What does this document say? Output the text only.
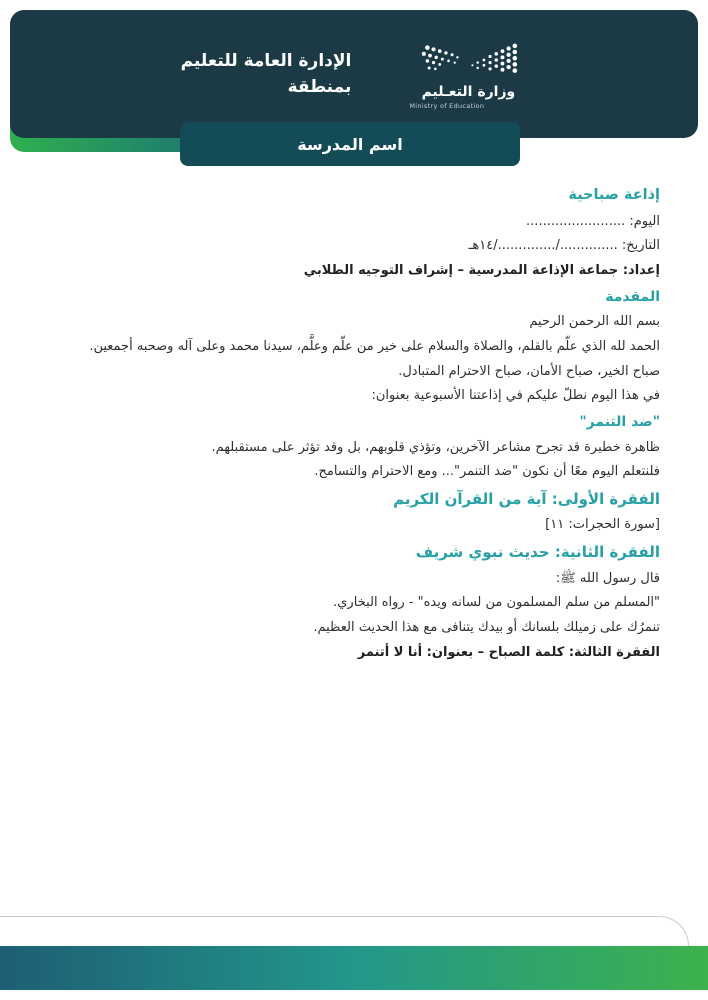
الإدارة العامة للتعليم
بمنطقة	وزارة التعـليم
Ministry of Education
اسم المدرسة

إذاعة صباحية

اليوم: ........................

التاريخ: ............../............../١٤هـ

إعداد: جماعة الإذاعة المدرسية – إشراف التوجيه الطلابي

المقدمة

بسم الله الرحمن الرحيم

الحمد لله الذي علّم بالقلم، والصلاة والسلام على خير من علّم وعلَّم، سيدنا محمد وعلى آله وصحبه أجمعين.

صباح الخير، صباح الأمان، صباح الاحترام المتبادل.

في هذا اليوم نطلّ عليكم في إذاعتنا الأسبوعية بعنوان:

"ضد التنمر"

ظاهرة خطيرة قد تجرح مشاعر الآخرين، وتؤذي قلوبهم، بل وقد تؤثر على مستقبلهم.

فلنتعلم اليوم معًا أن نكون "ضد التنمر"... ومع الاحترام والتسامح.

الفقرة الأولى: آية من القرآن الكريم

[سورة الحجرات: ١١]

الفقرة الثانية: حديث نبوي شريف

قال رسول الله ﷺ:

"المسلم من سلم المسلمون من لسانه ويده" - رواه البخاري.

تنمرُك على زميلك بلسانك أو بيدك يتنافى مع هذا الحديث العظيم.

الفقرة الثالثة: كلمة الصباح – بعنوان: أنا لا أتنمر
